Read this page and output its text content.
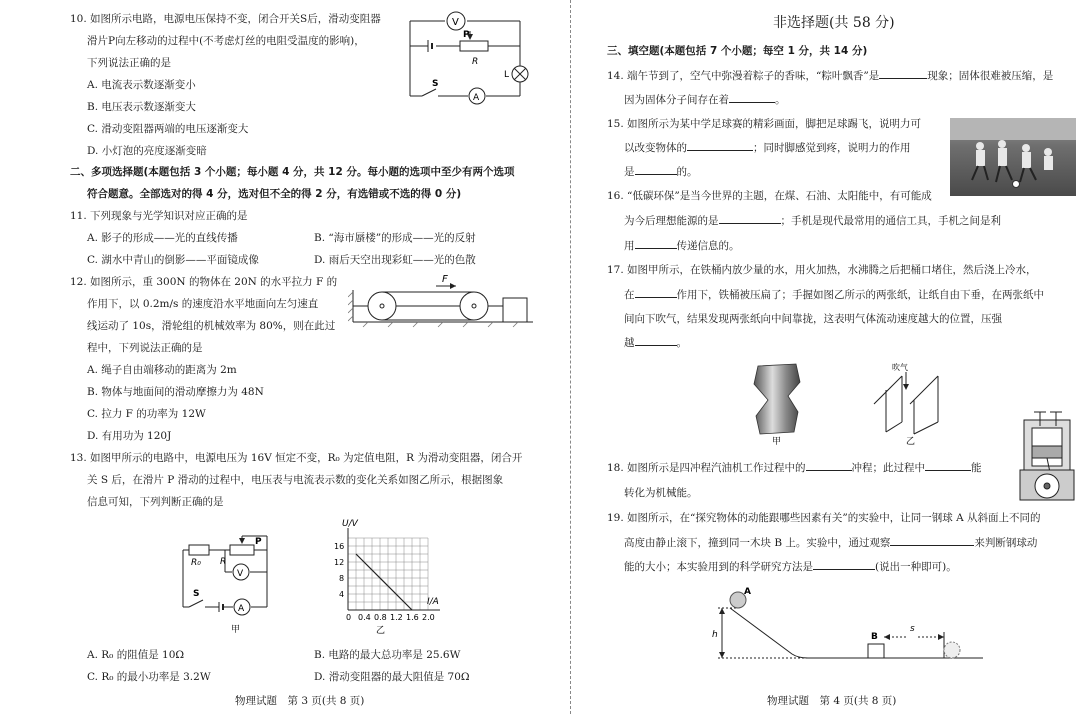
10. 如图所示电路，电源电压保持不变，闭合开关S后，滑动变阻器
滑片P向左移动的过程中(不考虑灯丝的电阻受温度的影响)，
下列说法正确的是
A. 电流表示数逐渐变小
B. 电压表示数逐渐变大
C. 滑动变阻器两端的电压逐渐变大
D. 小灯泡的亮度逐渐变暗
V
P
R
L
S
A
二、多项选择题(本题包括 3 个小题；每小题 4 分，共 12 分。每小题的选项中至少有两个选项
符合题意。全部选对的得 4 分，选对但不全的得 2 分，有选错或不选的得 0 分)
11. 下列现象与光学知识对应正确的是
A. 影子的形成——光的直线传播	B. “海市蜃楼”的形成——光的反射
C. 湖水中青山的倒影——平面镜成像	D. 雨后天空出现彩虹——光的色散
12. 如图所示，重 300N 的物体在 20N 的水平拉力 F 的
作用下，以 0.2m/s 的速度沿水平地面向左匀速直
线运动了 10s，滑轮组的机械效率为 80%，则在此过
程中，下列说法正确的是
A. 绳子自由端移动的距离为 2m
B. 物体与地面间的滑动摩擦力为 48N
C. 拉力 F 的功率为 12W
D. 有用功为 120J
F
13. 如图甲所示的电路中，电源电压为 16V 恒定不变，R₀ 为定值电阻，R 为滑动变阻器，闭合开
关 S 后，在滑片 P 滑动的过程中，电压表与电流表示数的变化关系如图乙所示，根据图象
信息可知，下列判断正确的是
V
A
R₀ R
P
S
甲
0 0.4 0.8 1.2 1.6 2.0
4
8
12
16
U/V
I/A
乙
A. R₀ 的阻值是 10Ω	B. 电路的最大总功率是 25.6W
C. R₀ 的最小功率是 3.2W	D. 滑动变阻器的最大阻值是 70Ω
物理试题　第 3 页(共 8 页)
非选择题(共 58 分)
三、填空题(本题包括 7 个小题；每空 1 分，共 14 分)
14. 端午节到了，空气中弥漫着粽子的香味，“粽叶飘香”是	现象；固体很难被压缩，是
因为固体分子间存在着	。
15. 如图所示为某中学足球赛的精彩画面，脚把足球踢飞，说明力可
以改变物体的	；同时脚感觉到疼，说明力的作用
是	的。
16. “低碳环保”是当今世界的主题，在煤、石油、太阳能中，有可能成
为今后理想能源的是	；手机是现代最常用的通信工具，手机之间是利
用	传递信息的。
17. 如图甲所示，在铁桶内放少量的水，用火加热，水沸腾之后把桶口堵住，然后浇上冷水，
在	作用下，铁桶被压扁了；手握如图乙所示的两张纸，让纸自由下垂，在两张纸中
间向下吹气，结果发现两张纸向中间靠拢，这表明气体流动速度越大的位置，压强
越	。
甲
吹气
乙
18. 如图所示是四冲程汽油机工作过程中的	冲程；此过程中	能
转化为机械能。
19. 如图所示，在“探究物体的动能跟哪些因素有关”的实验中，让同一钢球 A 从斜面上不同的
高度由静止滚下，撞到同一木块 B 上。实验中，通过观察	来判断钢球动
能的大小；本实验用到的科学研究方法是	(说出一种即可)。
A
h	B
s
物理试题　第 4 页(共 8 页)
